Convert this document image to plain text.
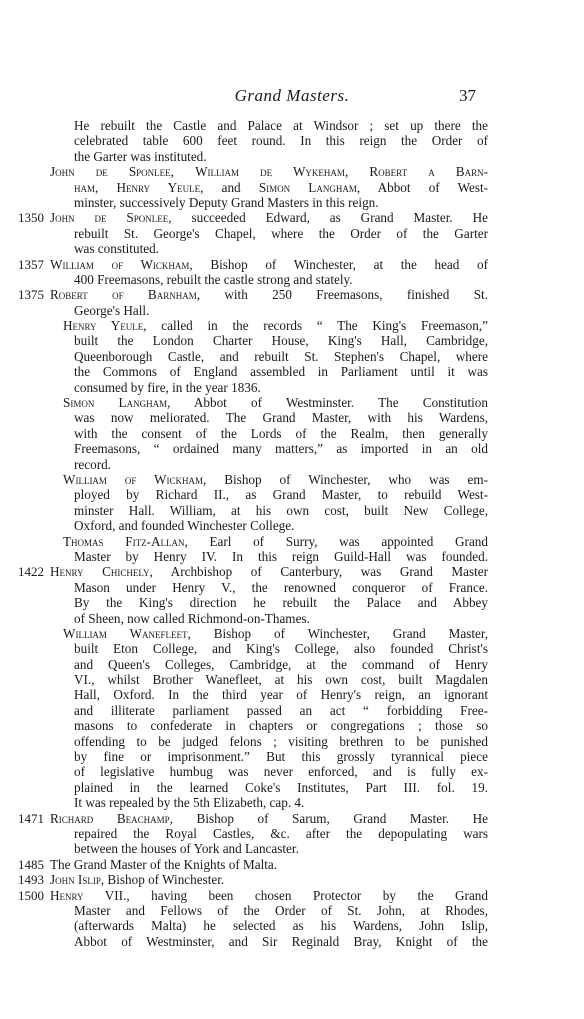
Grand Masters.	37
He rebuilt the Castle and Palace at Windsor ; set up there the
celebrated table 600 feet round. In this reign the Order of
the Garter was instituted.
John de Sponlee, William de Wykeham, Robert a Barn-
ham, Henry Yeule, and Simon Langham, Abbot of West-
minster, successively Deputy Grand Masters in this reign.
1350 John de Sponlee, succeeded Edward, as Grand Master. He
rebuilt St. George's Chapel, where the Order of the Garter
was constituted.
1357 William of Wickham, Bishop of Winchester, at the head of
400 Freemasons, rebuilt the castle strong and stately.
1375 Robert of Barnham, with 250 Freemasons, finished St.
George's Hall.
Henry Yeule, called in the records “ The King's Freemason,”
built the London Charter House, King's Hall, Cambridge,
Queenborough Castle, and rebuilt St. Stephen's Chapel, where
the Commons of England assembled in Parliament until it was
consumed by fire, in the year 1836.
Simon Langham, Abbot of Westminster. The Constitution
was now meliorated. The Grand Master, with his Wardens,
with the consent of the Lords of the Realm, then generally
Freemasons, “ ordained many matters,” as imported in an old
record.
William of Wickham, Bishop of Winchester, who was em-
ployed by Richard II., as Grand Master, to rebuild West-
minster Hall. William, at his own cost, built New College,
Oxford, and founded Winchester College.
Thomas Fitz-Allan, Earl of Surry, was appointed Grand
Master by Henry IV. In this reign Guild-Hall was founded.
1422 Henry Chichely, Archbishop of Canterbury, was Grand Master
Mason under Henry V., the renowned conqueror of France.
By the King's direction he rebuilt the Palace and Abbey
of Sheen, now called Richmond-on-Thames.
William Wanefleet, Bishop of Winchester, Grand Master,
built Eton College, and King's College, also founded Christ's
and Queen's Colleges, Cambridge, at the command of Henry
VI., whilst Brother Wanefleet, at his own cost, built Magdalen
Hall, Oxford. In the third year of Henry's reign, an ignorant
and illiterate parliament passed an act “ forbidding Free-
masons to confederate in chapters or congregations ; those so
offending to be judged felons ; visiting brethren to be punished
by fine or imprisonment.” But this grossly tyrannical piece
of legislative humbug was never enforced, and is fully ex-
plained in the learned Coke's Institutes, Part III. fol. 19.
It was repealed by the 5th Elizabeth, cap. 4.
1471 Richard Beachamp, Bishop of Sarum, Grand Master. He
repaired the Royal Castles, &c. after the depopulating wars
between the houses of York and Lancaster.
1485 The Grand Master of the Knights of Malta.
1493 John Islip, Bishop of Winchester.
1500 Henry VII., having been chosen Protector by the Grand
Master and Fellows of the Order of St. John, at Rhodes,
(afterwards Malta) he selected as his Wardens, John Islip,
Abbot of Westminster, and Sir Reginald Bray, Knight of the
